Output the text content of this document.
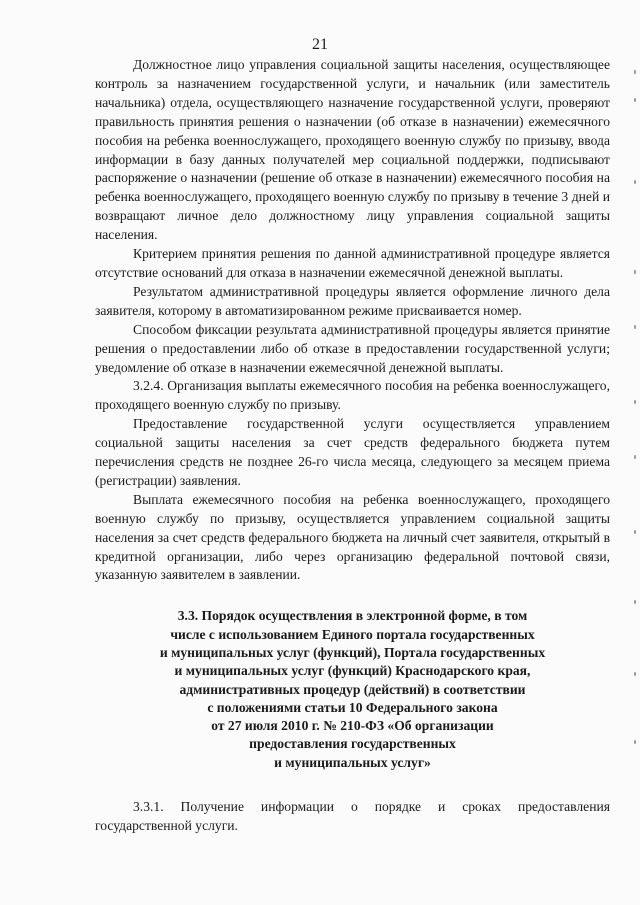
21

Должностное лицо управления социальной защиты населения, осуществляющее контроль за назначением государственной услуги, и начальник (или заместитель начальника) отдела, осуществляющего назначение государственной услуги, проверяют правильность принятия решения о назначении (об отказе в назначении) ежемесячного пособия на ребенка военнослужащего, проходящего военную службу по призыву, ввода информации в базу данных получателей мер социальной поддержки, подписывают распоряжение о назначении (решение об отказе в назначении) ежемесячного пособия на ребенка военнослужащего, проходящего военную службу по призыву в течение 3 дней и возвращают личное дело должностному лицу управления социальной защиты населения.

Критерием принятия решения по данной административной процедуре является отсутствие оснований для отказа в назначении ежемесячной денежной выплаты.

Результатом административной процедуры является оформление личного дела заявителя, которому в автоматизированном режиме присваивается номер.

Способом фиксации результата административной процедуры является принятие решения о предоставлении либо об отказе в предоставлении государственной услуги; уведомление об отказе в назначении ежемесячной денежной выплаты.

3.2.4. Организация выплаты ежемесячного пособия на ребенка военнослужащего, проходящего военную службу по призыву.

Предоставление государственной услуги осуществляется управлением социальной защиты населения за счет средств федерального бюджета путем перечисления средств не позднее 26-го числа месяца, следующего за месяцем приема (регистрации) заявления.

Выплата ежемесячного пособия на ребенка военнослужащего, проходящего военную службу по призыву, осуществляется управлением социальной защиты населения за счет средств федерального бюджета на личный счет заявителя, открытый в кредитной организации, либо через организацию федеральной почтовой связи, указанную заявителем в заявлении.

3.3. Порядок осуществления в электронной форме, в том
числе с использованием Единого портала государственных
и муниципальных услуг (функций), Портала государственных
и муниципальных услуг (функций) Краснодарского края,
административных процедур (действий) в соответствии
с положениями статьи 10 Федерального закона
от 27 июля 2010 г. № 210-ФЗ «Об организации
предоставления государственных
и муниципальных услуг»

3.3.1. Получение информации о порядке и сроках предоставления государственной услуги.
